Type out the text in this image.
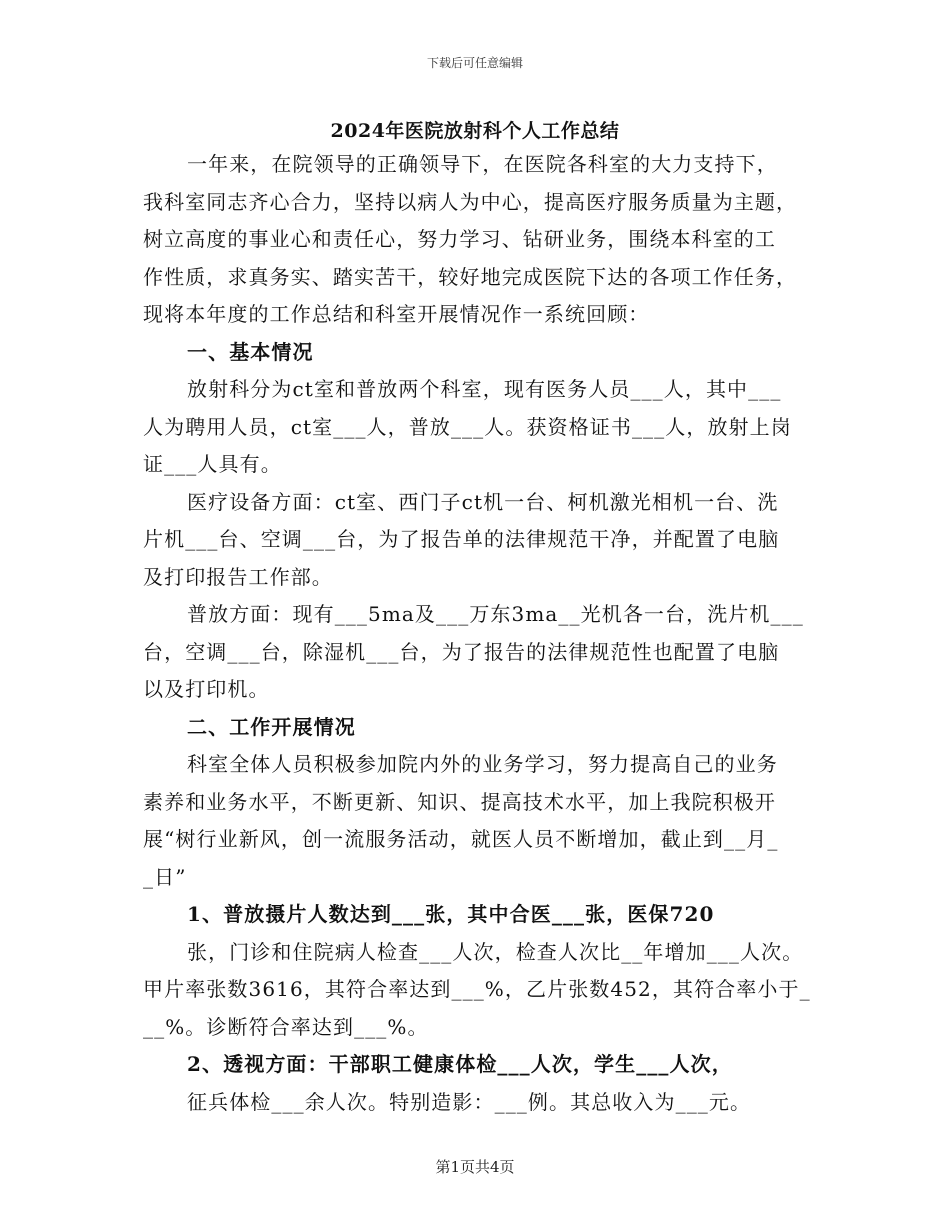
下载后可任意编辑
2024年医院放射科个人工作总结
一年来，在院领导的正确领导下，在医院各科室的大力支持下，
我科室同志齐心合力，坚持以病人为中心，提高医疗服务质量为主题，
树立高度的事业心和责任心，努力学习、钻研业务，围绕本科室的工
作性质，求真务实、踏实苦干，较好地完成医院下达的各项工作任务，
现将本年度的工作总结和科室开展情况作一系统回顾：
一、基本情况
放射科分为ct室和普放两个科室，现有医务人员___人，其中___
人为聘用人员，ct室___人，普放___人。获资格证书___人，放射上岗
证___人具有。
医疗设备方面：ct室、西门子ct机一台、柯机激光相机一台、洗
片机___台、空调___台，为了报告单的法律规范干净，并配置了电脑
及打印报告工作部。
普放方面：现有___5ma及___万东3ma__光机各一台，洗片机___
台，空调___台，除湿机___台，为了报告的法律规范性也配置了电脑
以及打印机。
二、工作开展情况
科室全体人员积极参加院内外的业务学习，努力提高自己的业务
素养和业务水平，不断更新、知识、提高技术水平，加上我院积极开
展“树行业新风，创一流服务活动，就医人员不断增加，截止到__月_
_日”
1、普放摄片人数达到___张，其中合医___张，医保720
张，门诊和住院病人检查___人次，检查人次比__年增加___人次。
甲片率张数3616，其符合率达到___%，乙片张数452，其符合率小于_
__%。诊断符合率达到___%。
2、透视方面：干部职工健康体检___人次，学生___人次，
征兵体检___余人次。特别造影：___例。其总收入为___元。
第1页共4页
